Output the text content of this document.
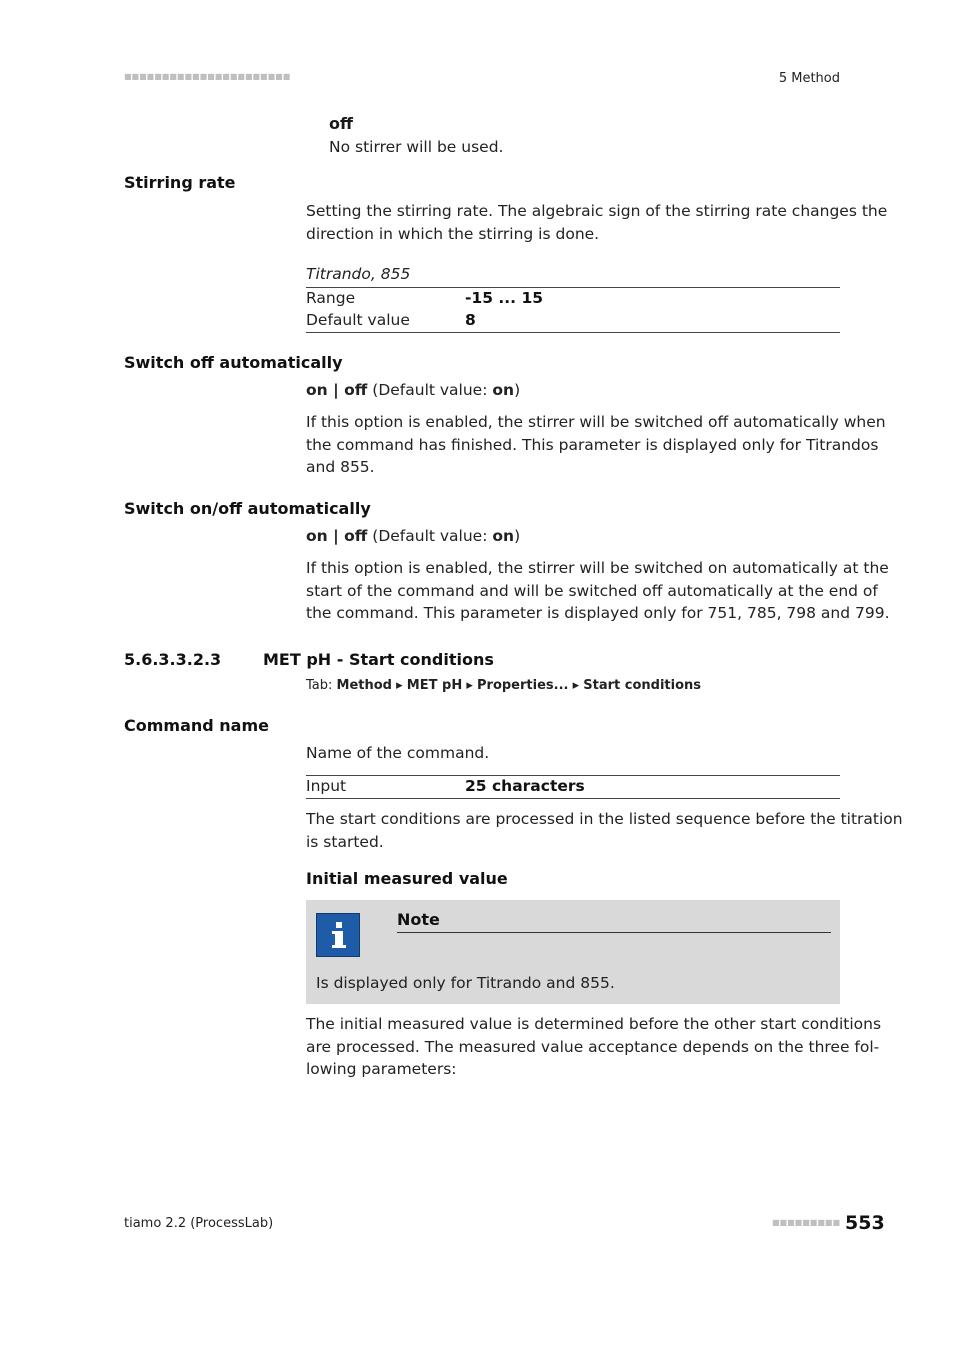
■■■■■■■■■■■■■■■■■■■■■■	5 Method
off
No stirrer will be used.
Stirring rate
Setting the stirring rate. The algebraic sign of the stirring rate changes the
direction in which the stirring is done.
Titrando, 855
Range	-15 ... 15
Default value	8
Switch off automatically
on | off (Default value: on)
If this option is enabled, the stirrer will be switched off automatically when
the command has finished. This parameter is displayed only for Titrandos
and 855.
Switch on/off automatically
on | off (Default value: on)
If this option is enabled, the stirrer will be switched on automatically at the
start of the command and will be switched off automatically at the end of
the command. This parameter is displayed only for 751, 785, 798 and 799.
5.6.3.3.2.3	MET pH - Start conditions
Tab: Method ▸ MET pH ▸ Properties... ▸ Start conditions
Command name
Name of the command.
Input	25 characters
The start conditions are processed in the listed sequence before the titration
is started.
Initial measured value
Note
Is displayed only for Titrando and 855.
The initial measured value is determined before the other start conditions
are processed. The measured value acceptance depends on the three fol-
lowing parameters:
tiamo 2.2 (ProcessLab)	■■■■■■■■■ 553
